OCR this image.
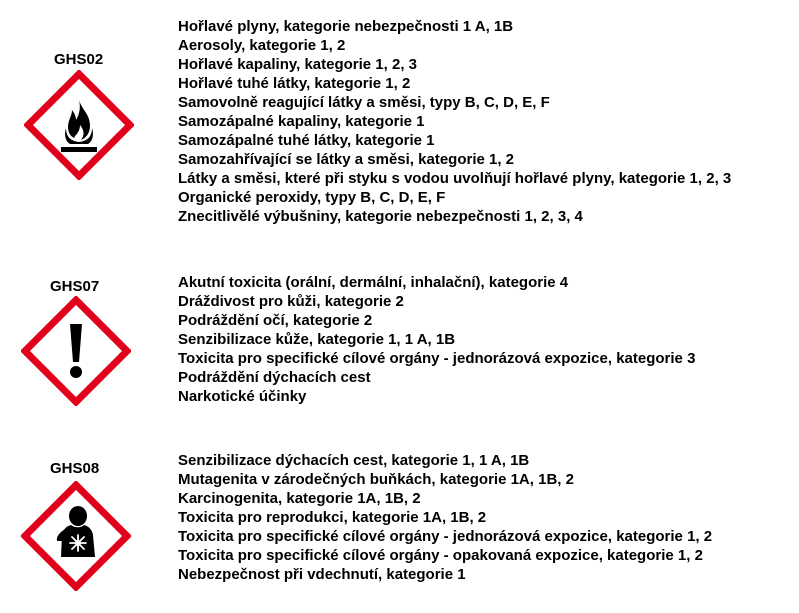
GHS02
Hořlavé plyny, kategorie nebezpečnosti 1 A, 1B
Aerosoly, kategorie 1, 2
Hořlavé kapaliny, kategorie 1, 2, 3
Hořlavé tuhé látky, kategorie 1, 2
Samovolně reagující látky a směsi, typy B, C, D, E, F
Samozápalné kapaliny, kategorie 1
Samozápalné tuhé látky, kategorie 1
Samozahřívající se látky a směsi, kategorie 1, 2
Látky a směsi, které při styku s vodou uvolňují hořlavé plyny, kategorie 1, 2, 3
Organické peroxidy, typy B, C, D, E, F
Znecitlivělé výbušniny, kategorie nebezpečnosti 1, 2, 3, 4
GHS07	Akutní toxicita (orální, dermální, inhalační), kategorie 4
Dráždivost pro kůži, kategorie 2
Podráždění očí, kategorie 2
Senzibilizace kůže, kategorie 1, 1 A, 1B
Toxicita pro specifické cílové orgány - jednorázová expozice, kategorie 3
Podráždění dýchacích cest
Narkotické účinky
GHS08	Senzibilizace dýchacích cest, kategorie 1, 1 A, 1B
Mutagenita v zárodečných buňkách, kategorie 1A, 1B, 2
Karcinogenita, kategorie 1A, 1B, 2
Toxicita pro reprodukci, kategorie 1A, 1B, 2
Toxicita pro specifické cílové orgány - jednorázová expozice, kategorie 1, 2
Toxicita pro specifické cílové orgány - opakovaná expozice, kategorie 1, 2
Nebezpečnost při vdechnutí, kategorie 1
